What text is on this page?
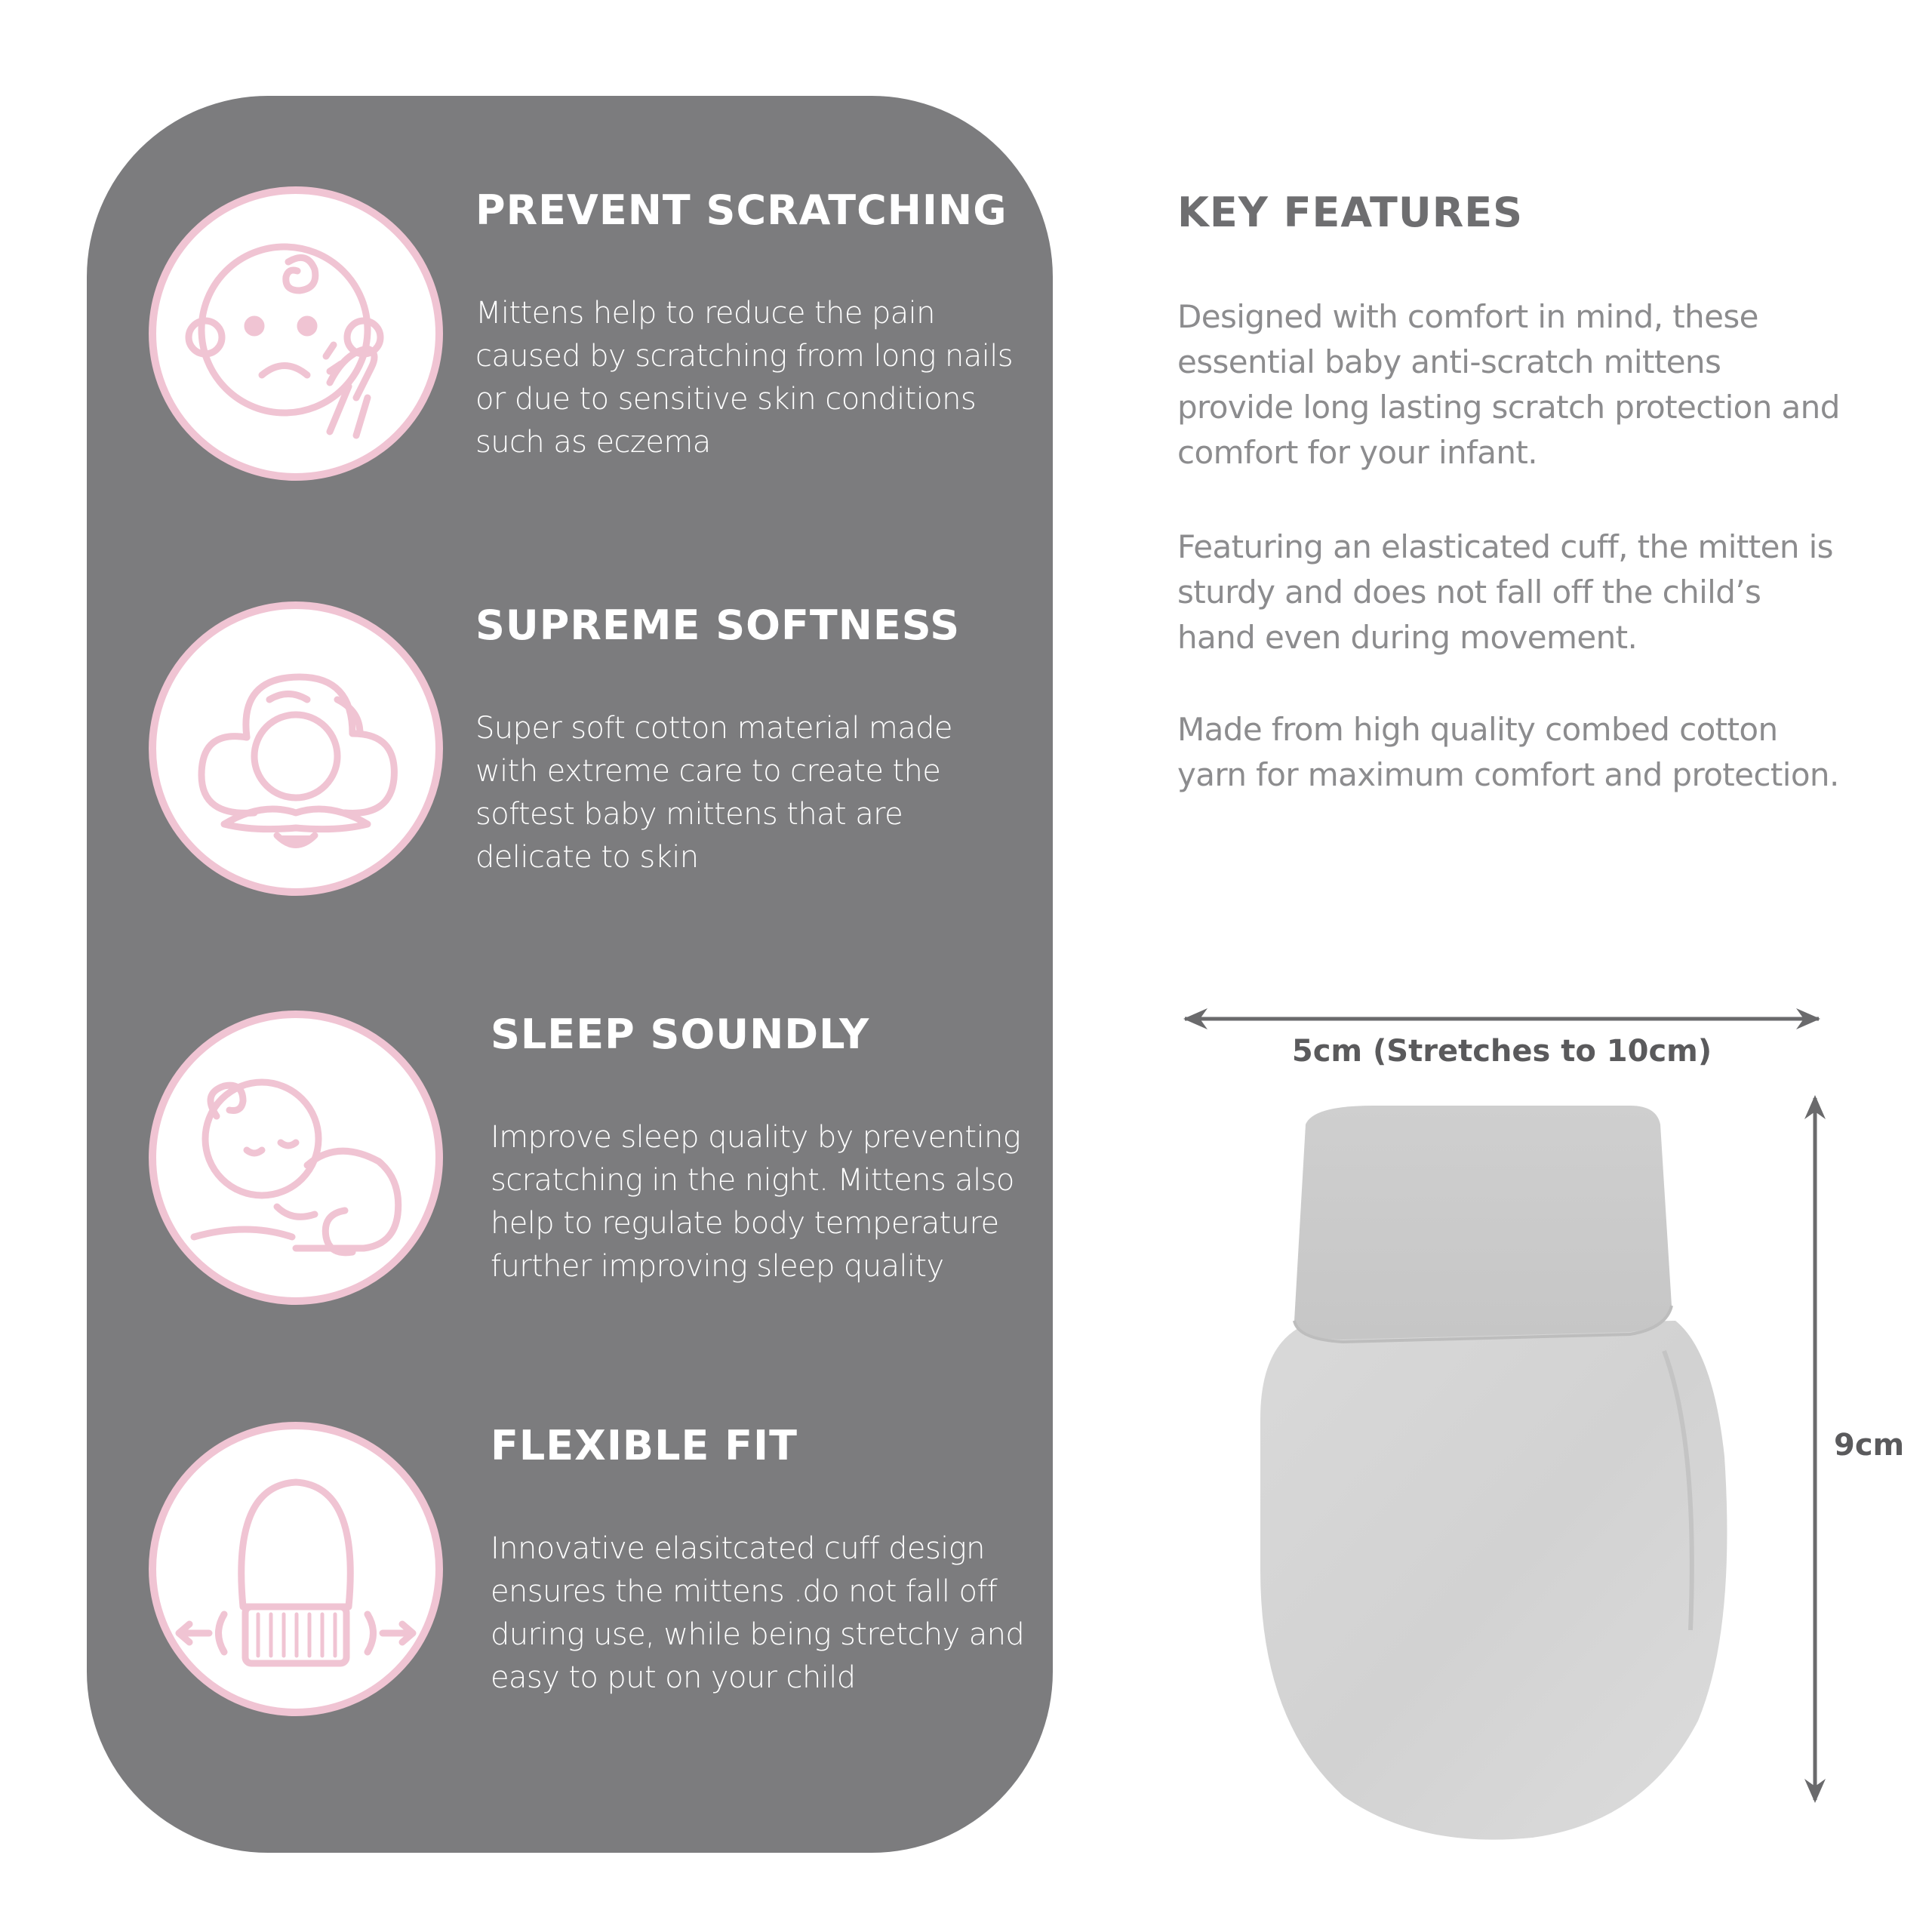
PREVENT SCRATCHING
Mittens help to reduce the pain caused by scratching from long nails or due to sensitive skin conditions such as eczema
SUPREME SOFTNESS
Super soft cotton material made with extreme care to create the softest baby mittens that are delicate to skin
SLEEP SOUNDLY
Improve sleep quality by preventing scratching in the night. Mittens also help to regulate body temperature further improving sleep quality
FLEXIBLE FIT
Innovative elasitcated cuff design ensures the mittens .do not fall off during use, while being stretchy and easy to put on your child
KEY FEATURES
Designed with comfort in mind, these essential baby anti-scratch mittens provide long lasting scratch protection and comfort for your infant.
Featuring an elasticated cuff, the mitten is sturdy and does not fall off the child’s hand even during movement.
Made from high quality combed cotton yarn for maximum comfort and protection.
5cm (Stretches to 10cm)
9cm
